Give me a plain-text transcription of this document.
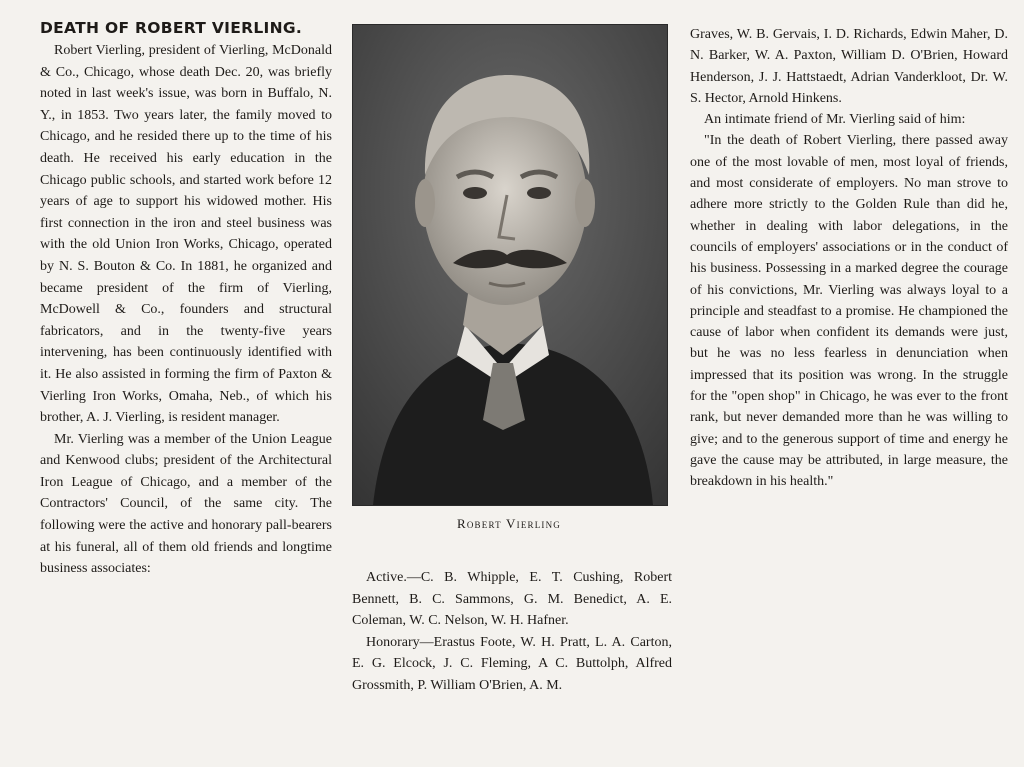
DEATH OF ROBERT VIERLING.

Robert Vierling, president of Vierling, McDonald & Co., Chicago, whose death Dec. 20, was briefly noted in last week's issue, was born in Buffalo, N. Y., in 1853. Two years later, the family moved to Chicago, and he resided there up to the time of his death. He received his early education in the Chicago public schools, and started work before 12 years of age to support his widowed mother. His first connection in the iron and steel business was with the old Union Iron Works, Chicago, operated by N. S. Bouton & Co. In 1881, he organized and became president of the firm of Vierling, McDowell & Co., founders and structural fabricators, and in the twenty-five years intervening, has been continuously identified with it. He also assisted in forming the firm of Paxton & Vierling Iron Works, Omaha, Neb., of which his brother, A. J. Vierling, is resident manager.

Mr. Vierling was a member of the Union League and Kenwood clubs; president of the Architectural Iron League of Chicago, and a member of the Contractors' Council, of the same city. The following were the active and honorary pall-bearers at his funeral, all of them old friends and longtime business associates:

Robert Vierling

Active.—C. B. Whipple, E. T. Cushing, Robert Bennett, B. C. Sammons, G. M. Benedict, A. E. Coleman, W. C. Nelson, W. H. Hafner.

Honorary—Erastus Foote, W. H. Pratt, L. A. Carton, E. G. Elcock, J. C. Fleming, A C. Buttolph, Alfred Grossmith, P. William O'Brien, A. M.

Graves, W. B. Gervais, I. D. Richards, Edwin Maher, D. N. Barker, W. A. Paxton, William D. O'Brien, Howard Henderson, J. J. Hattstaedt, Adrian Vanderkloot, Dr. W. S. Hector, Arnold Hinkens.

An intimate friend of Mr. Vierling said of him:

"In the death of Robert Vierling, there passed away one of the most lovable of men, most loyal of friends, and most considerate of employers. No man strove to adhere more strictly to the Golden Rule than did he, whether in dealing with labor delegations, in the councils of employers' associations or in the conduct of his business. Possessing in a marked degree the courage of his convictions, Mr. Vierling was always loyal to a principle and steadfast to a promise. He championed the cause of labor when confident its demands were just, but he was no less fearless in denunciation when impressed that its position was wrong. In the struggle for the "open shop" in Chicago, he was ever to the front rank, but never demanded more than he was willing to give; and to the generous support of time and energy he gave the cause may be attributed, in large measure, the breakdown in his health."
